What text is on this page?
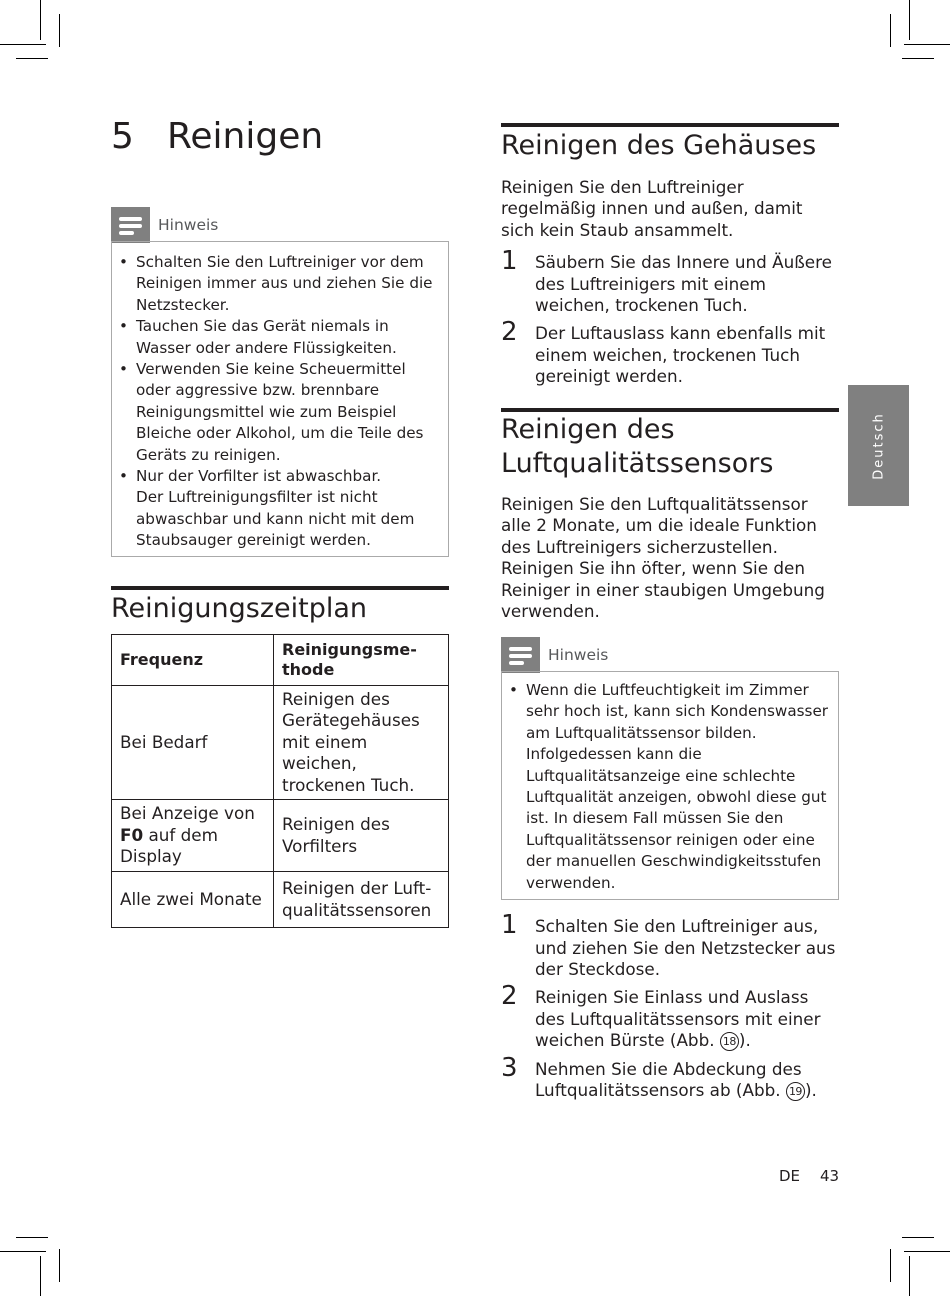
5 Reinigen
Hinweis
• Schalten Sie den Luftreiniger vor dem Reinigen immer aus und ziehen Sie die Netzstecker.
• Tauchen Sie das Gerät niemals in Wasser oder andere Flüssigkeiten.
• Verwenden Sie keine Scheuermittel oder aggressive bzw. brennbare Reinigungsmittel wie zum Beispiel Bleiche oder Alkohol, um die Teile des Geräts zu reinigen.
• Nur der Vorfilter ist abwaschbar.
Der Luftreinigungsfilter ist nicht abwaschbar und kann nicht mit dem Staubsauger gereinigt werden.
Reinigungszeitplan
Frequenz	Reinigungsme-thode
Bei Bedarf	Reinigen des Gerätegehäuses mit einem weichen, trockenen Tuch.
Bei Anzeige von F0 auf dem Display	Reinigen des Vorfilters
Alle zwei Monate	Reinigen der Luft-qualitätssensoren
Reinigen des Gehäuses

Reinigen Sie den Luftreiniger regelmäßig innen und außen, damit sich kein Staub ansammelt.

1 Säubern Sie das Innere und Äußere des Luftreinigers mit einem weichen, trockenen Tuch.
2 Der Luftauslass kann ebenfalls mit einem weichen, trockenen Tuch gereinigt werden.
Reinigen des
Luftqualitätssensors

Reinigen Sie den Luftqualitätssensor alle 2 Monate, um die ideale Funktion des Luftreinigers sicherzustellen. Reinigen Sie ihn öfter, wenn Sie den Reiniger in einer staubigen Umgebung verwenden.

Hinweis
• Wenn die Luftfeuchtigkeit im Zimmer sehr hoch ist, kann sich Kondenswasser am Luftqualitätssensor bilden. Infolgedessen kann die Luftqualitätsanzeige eine schlechte Luftqualität anzeigen, obwohl diese gut ist. In diesem Fall müssen Sie den Luftqualitätssensor reinigen oder eine der manuellen Geschwindigkeitsstufen verwenden.
1 Schalten Sie den Luftreiniger aus, und ziehen Sie den Netzstecker aus der Steckdose.
2 Reinigen Sie Einlass und Auslass des Luftqualitätssensors mit einer weichen Bürste (Abb. 18 ).
3 Nehmen Sie die Abdeckung des Luftqualitätssensors ab (Abb. 19 ).
Deutsch
DE 43
